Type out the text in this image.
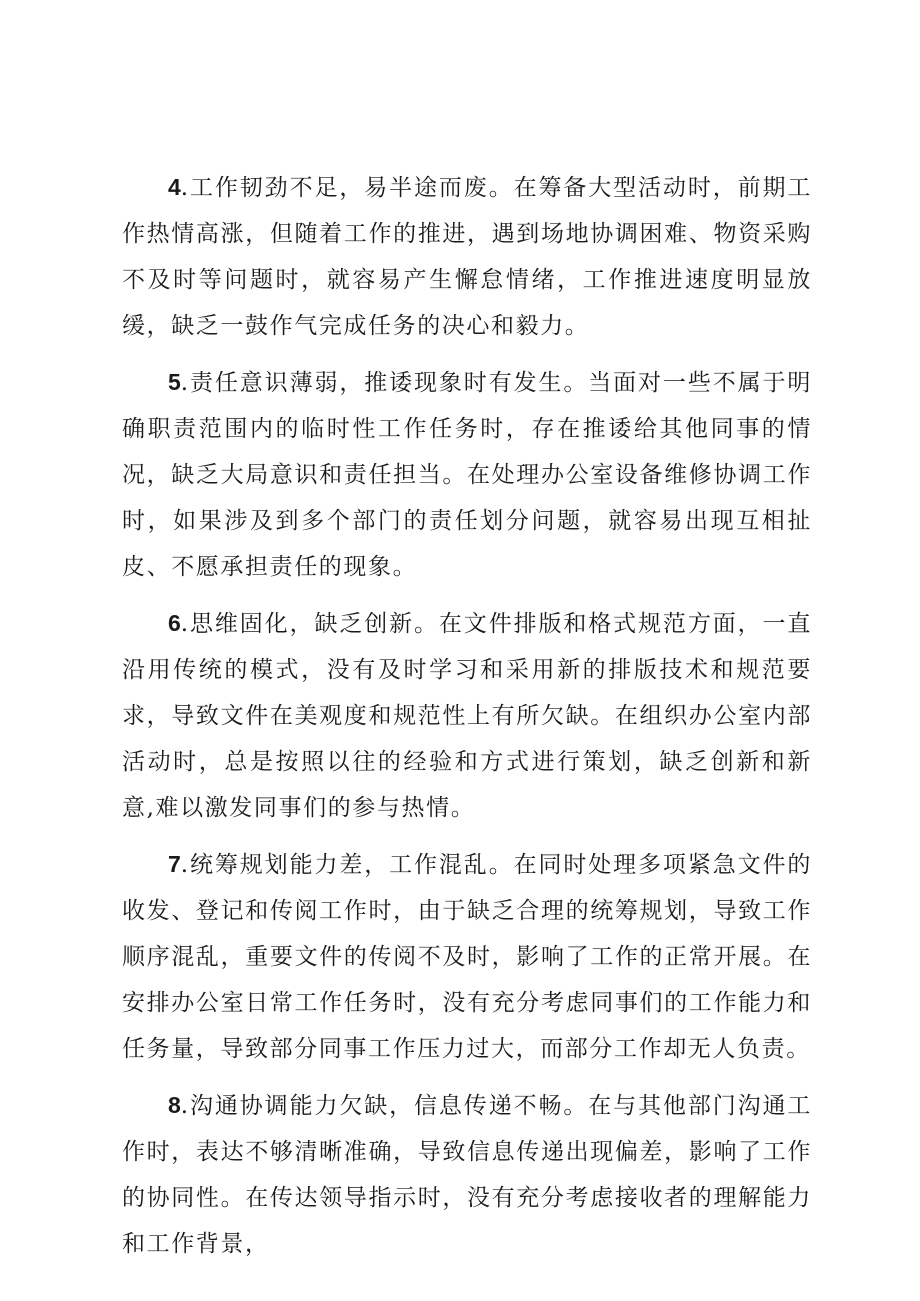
4.工作韧劲不足，易半途而废。在筹备大型活动时，前期工作热情高涨，但随着工作的推进，遇到场地协调困难、物资采购不及时等问题时，就容易产生懈怠情绪，工作推进速度明显放缓，缺乏一鼓作气完成任务的决心和毅力。

5.责任意识薄弱，推诿现象时有发生。当面对一些不属于明确职责范围内的临时性工作任务时，存在推诿给其他同事的情况，缺乏大局意识和责任担当。在处理办公室设备维修协调工作时，如果涉及到多个部门的责任划分问题，就容易出现互相扯皮、不愿承担责任的现象。

6.思维固化，缺乏创新。在文件排版和格式规范方面，一直沿用传统的模式，没有及时学习和采用新的排版技术和规范要求，导致文件在美观度和规范性上有所欠缺。在组织办公室内部活动时，总是按照以往的经验和方式进行策划，缺乏创新和新意,难以激发同事们的参与热情。

7.统筹规划能力差，工作混乱。在同时处理多项紧急文件的收发、登记和传阅工作时，由于缺乏合理的统筹规划，导致工作顺序混乱，重要文件的传阅不及时，影响了工作的正常开展。在安排办公室日常工作任务时，没有充分考虑同事们的工作能力和任务量，导致部分同事工作压力过大，而部分工作却无人负责。

8.沟通协调能力欠缺，信息传递不畅。在与其他部门沟通工作时，表达不够清晰准确，导致信息传递出现偏差，影响了工作的协同性。在传达领导指示时，没有充分考虑接收者的理解能力和工作背景，
